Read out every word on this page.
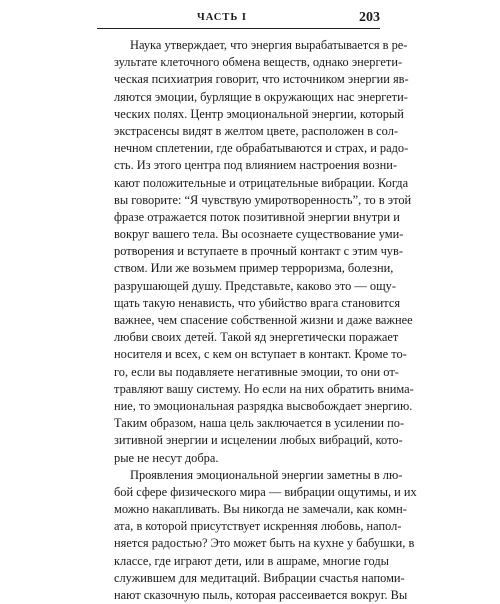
ЧАСТЬ I	203
Наука утверждает, что энергия вырабатывается в ре-
зультате клеточного обмена веществ, однако энергети-
ческая психиатрия говорит, что источником энергии яв-
ляются эмоции, бурлящие в окружающих нас энергети-
ческих полях. Центр эмоциональной энергии, который
экстрасенсы видят в желтом цвете, расположен в сол-
нечном сплетении, где обрабатываются и страх, и радо-
сть. Из этого центра под влиянием настроения возни-
кают положительные и отрицательные вибрации. Когда
вы говорите: “Я чувствую умиротворенность”, то в этой
фразе отражается поток позитивной энергии внутри и
вокруг вашего тела. Вы осознаете существование уми-
ротворения и вступаете в прочный контакт с этим чув-
ством. Или же возьмем пример терроризма, болезни,
разрушающей душу. Представьте, каково это — ощу-
щать такую ненависть, что убийство врага становится
важнее, чем спасение собственной жизни и даже важнее
любви своих детей. Такой яд энергетически поражает
носителя и всех, с кем он вступает в контакт. Кроме то-
го, если вы подавляете негативные эмоции, то они от-
травляют вашу систему. Но если на них обратить внима-
ние, то эмоциональная разрядка высвобождает энергию.
Таким образом, наша цель заключается в усилении по-
зитивной энергии и исцелении любых вибраций, кото-
рые не несут добра.
Проявления эмоциональной энергии заметны в лю-
бой сфере физического мира — вибрации ощутимы, и их
можно накапливать. Вы никогда не замечали, как комн-
ата, в которой присутствует искренняя любовь, напол-
няется радостью? Это может быть на кухне у бабушки, в
классе, где играют дети, или в ашраме, многие годы
служившем для медитаций. Вибрации счастья напоми-
нают сказочную пыль, которая рассеивается вокруг. Вы
